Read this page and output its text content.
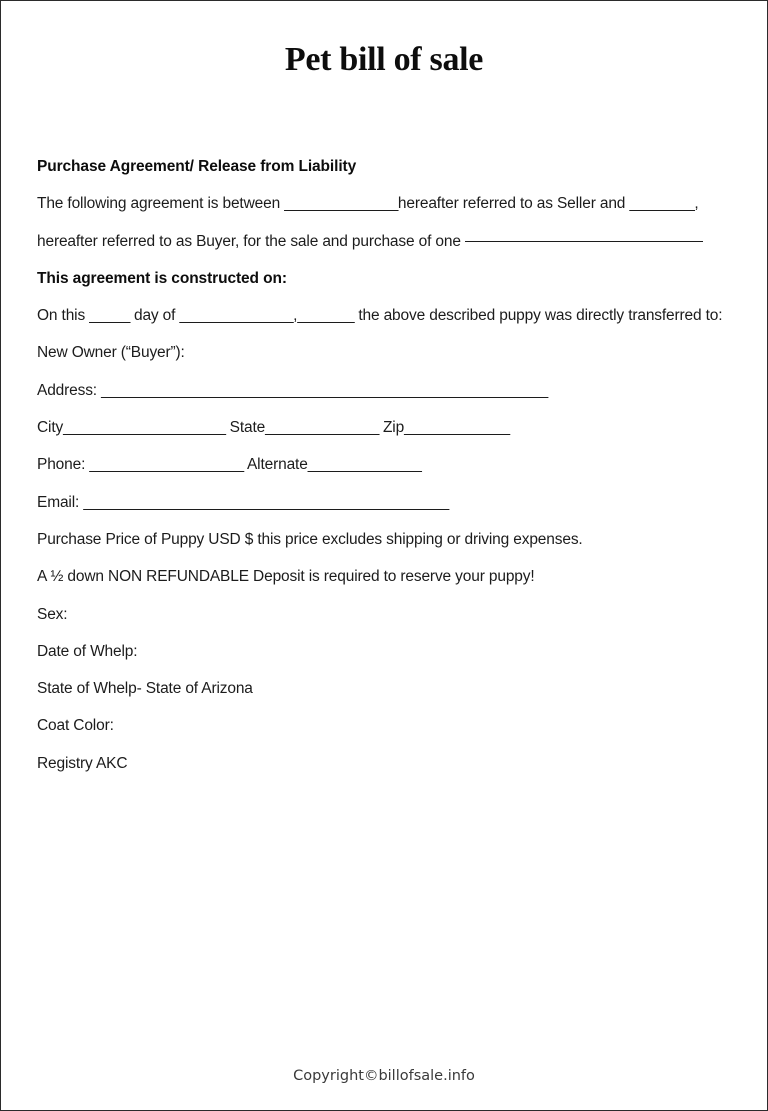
Pet bill of sale
Purchase Agreement/ Release from Liability
The following agreement is between ______________hereafter referred to as Seller and ________,
hereafter referred to as Buyer, for the sale and purchase of one
This agreement is constructed on:
On this _____ day of ______________,_______ the above described puppy was directly transferred to:
New Owner (“Buyer”):
Address: _______________________________________________________
City____________________ State______________ Zip_____________
Phone: ___________________ Alternate______________
Email: _____________________________________________
Purchase Price of Puppy USD $ this price excludes shipping or driving expenses.
A ½ down NON REFUNDABLE Deposit is required to reserve your puppy!
Sex:
Date of Whelp:
State of Whelp- State of Arizona
Coat Color:
Registry AKC
Copyright©billofsale.info
